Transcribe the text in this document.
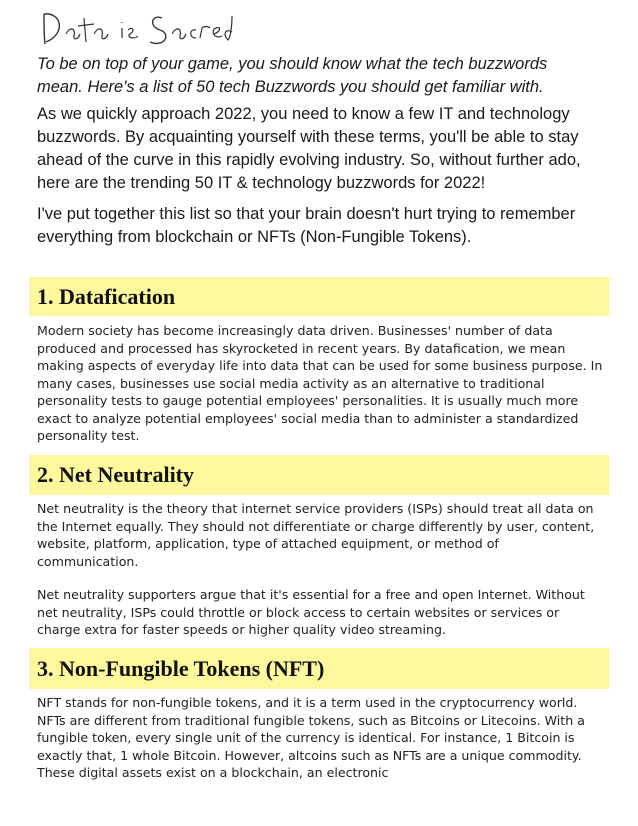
To be on top of your game, you should know what the tech buzzwords mean. Here's a list of 50 tech Buzzwords you should get familiar with.

As we quickly approach 2022, you need to know a few IT and technology buzzwords. By acquainting yourself with these terms, you'll be able to stay ahead of the curve in this rapidly evolving industry. So, without further ado, here are the trending 50 IT & technology buzzwords for 2022!

I've put together this list so that your brain doesn't hurt trying to remember everything from blockchain or NFTs (Non-Fungible Tokens).

1. Datafication

Modern society has become increasingly data driven. Businesses' number of data produced and processed has skyrocketed in recent years. By datafication, we mean making aspects of everyday life into data that can be used for some business purpose. In many cases, businesses use social media activity as an alternative to traditional personality tests to gauge potential employees' personalities. It is usually much more exact to analyze potential employees' social media than to administer a standardized personality test.

2. Net Neutrality

Net neutrality is the theory that internet service providers (ISPs) should treat all data on the Internet equally. They should not differentiate or charge differently by user, content, website, platform, application, type of attached equipment, or method of communication.

Net neutrality supporters argue that it's essential for a free and open Internet. Without net neutrality, ISPs could throttle or block access to certain websites or services or charge extra for faster speeds or higher quality video streaming.

3. Non-Fungible Tokens (NFT)

NFT stands for non-fungible tokens, and it is a term used in the cryptocurrency world. NFTs are different from traditional fungible tokens, such as Bitcoins or Litecoins. With a fungible token, every single unit of the currency is identical. For instance, 1 Bitcoin is exactly that, 1 whole Bitcoin. However, altcoins such as NFTs are a unique commodity. These digital assets exist on a blockchain, an electronic
